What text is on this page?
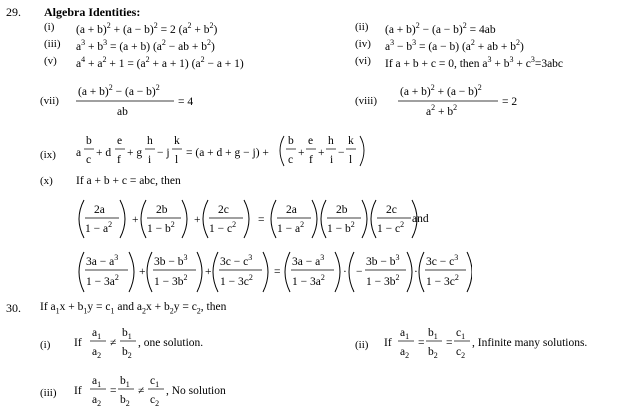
29. Algebra Identities:
(i) $(a + b)^2 + (a - b)^2 = 2$ $(a^2 + b^2)$	(ii) $(a + b)^2 - (a - b)^2 = 4ab$
(iii) $a^3 + b^3 = (a + b) (a^2$ − ab + $b^2$)	(iv) $a^3 - b^3 = (a - b) (a^2$ + ab + $b^2$)
(v) $a^4 + a^2 + 1 = (a^2 + a + 1) (a^2 - a + 1)$	(vi) If a + b + c = 0, then $a^3 + b^3 + c^3=3abc$
(vii)
$(a + b)^2 - (a - b)^2$
ab
= 4	(viii)
$(a + b)^2 + (a - b)^2$
$a^2 + b^2$	= 2
(ix) a
b
c
+ d
e
f
+ g
h
i
− j
k
l
= (a + d + g − j) +
b
c
+
e
f
+
h
i
−
k
l
(x) If a + b + c = abc, then
2a
$1 - a^2$ +
2b
$1 - b^2$ +
2c
$1 - c^2$ =
2a
$1 - a^2$
2b
$1 - b^2$
2c
$1 - c^2$ and
$3a - a^3$
$1 - 3a^2$ +
$3b - b^3$
$1 - 3b^2$ +
$3c - c^3$
$1 - 3c^2$ =
$3a - a^3$
$1 - 3a^2$ · −
$3b - b^3$
$1 - 3b^2$ ·
$3c - c^3$
$1 - 3c^2$
30. If $a_1x + b_1y = c_1$ and $a_2x + b_2y = c_2$, then
(i) If
$a_1$
$a_2$
≠
$b_1$
$b_2$
, one solution.	(ii) If
$a_1$
$a_2$
=
$b_1$
$b_2$
=
$c_1$
$c_2$
, Infinite many solutions.
(iii) If
$a_1$
$a_2$
=
$b_1$
$b_2$
≠
$c_1$
$c_2$
, No solution
